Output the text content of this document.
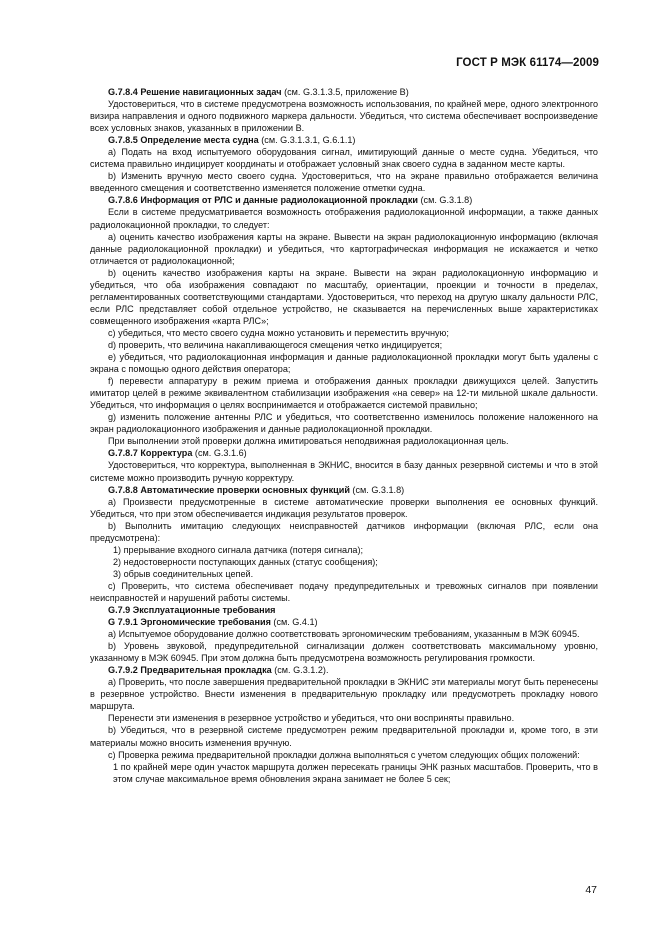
ГОСТ Р МЭК 61174—2009

G.7.8.4 Решение навигационных задач (см. G.3.1.3.5, приложение В)

Удостовериться, что в системе предусмотрена возможность использования, по крайней мере, одного электронного визира направления и одного подвижного маркера дальности. Убедиться, что система обеспечивает воспроизведение всех условных знаков, указанных в приложении В.

G.7.8.5 Определение места судна (см. G.3.1.3.1, G.6.1.1)

а) Подать на вход испытуемого оборудования сигнал, имитирующий данные о месте судна. Убедиться, что система правильно индицирует координаты и отображает условный знак своего судна в заданном месте карты.

b) Изменить вручную место своего судна. Удостовериться, что на экране правильно отображается величина введенного смещения и соответственно изменяется положение отметки судна.

G.7.8.6 Информация от РЛС и данные радиолокационной прокладки (см. G.3.1.8)

Если в системе предусматривается возможность отображения радиолокационной информации, а также данных радиолокационной прокладки, то следует:

а) оценить качество изображения карты на экране. Вывести на экран радиолокационную информацию (включая данные радиолокационной прокладки) и убедиться, что картографическая информация не искажается и четко отличается от радиолокационной;

b) оценить качество изображения карты на экране. Вывести на экран радиолокационную информацию и убедиться, что оба изображения совпадают по масштабу, ориентации, проекции и точности в пределах, регламентированных соответствующими стандартами. Удостовериться, что переход на другую шкалу дальности РЛС, если РЛС представляет собой отдельное устройство, не сказывается на перечисленных выше характеристиках совмещенного изображения «карта РЛС»;

с) убедиться, что место своего судна можно установить и переместить вручную;

d) проверить, что величина накапливающегося смещения четко индицируется;

е) убедиться, что радиолокационная информация и данные радиолокационной прокладки могут быть удалены с экрана с помощью одного действия оператора;

f) перевести аппаратуру в режим приема и отображения данных прокладки движущихся целей. Запустить имитатор целей в режиме эквивалентном стабилизации изображения «на север» на 12-ти мильной шкале дальности. Убедиться, что информация о целях воспринимается и отображается системой правильно;

g) изменить положение антенны РЛС и убедиться, что соответственно изменилось положение наложенного на экран радиолокационного изображения и данные радиолокационной прокладки.

При выполнении этой проверки должна имитироваться неподвижная радиолокационная цель.

G.7.8.7 Корректура (см. G.3.1.6)

Удостовериться, что корректура, выполненная в ЭКНИС, вносится в базу данных резервной системы и что в этой системе можно производить ручную корректуру.

G.7.8.8 Автоматические проверки основных функций (см. G.3.1.8)

а) Произвести предусмотренные в системе автоматические проверки выполнения ее основных функций. Убедиться, что при этом обеспечивается индикация результатов проверок.

b) Выполнить имитацию следующих неисправностей датчиков информации (включая РЛС, если она предусмотрена):

1) прерывание входного сигнала датчика (потеря сигнала);

2) недостоверности поступающих данных (статус сообщения);

3) обрыв соединительных цепей.

с) Проверить, что система обеспечивает подачу предупредительных и тревожных сигналов при появлении неисправностей и нарушений работы системы.

G.7.9 Эксплуатационные требования

G 7.9.1 Эргономические требования (см. G.4.1)

а) Испытуемое оборудование должно соответствовать эргономическим требованиям, указанным в МЭК 60945.

b) Уровень звуковой, предупредительной сигнализации должен соответствовать максимальному уровню, указанному в МЭК 60945. При этом должна быть предусмотрена возможность регулирования громкости.

G.7.9.2 Предварительная прокладка (см. G.3.1.2).

а) Проверить, что после завершения предварительной прокладки в ЭКНИС эти материалы могут быть перенесены в резервное устройство. Внести изменения в предварительную прокладку или предусмотреть прокладку нового маршрута.

Перенести эти изменения в резервное устройство и убедиться, что они восприняты правильно.

b) Убедиться, что в резервной системе предусмотрен режим предварительной прокладки и, кроме того, в эти материалы можно вносить изменения вручную.

с) Проверка режима предварительной прокладки должна выполняться с учетом следующих общих положений:

1 по крайней мере один участок маршрута должен пересекать границы ЭНК разных масштабов. Проверить, что в этом случае максимальное время обновления экрана занимает не более 5 сек;

47
